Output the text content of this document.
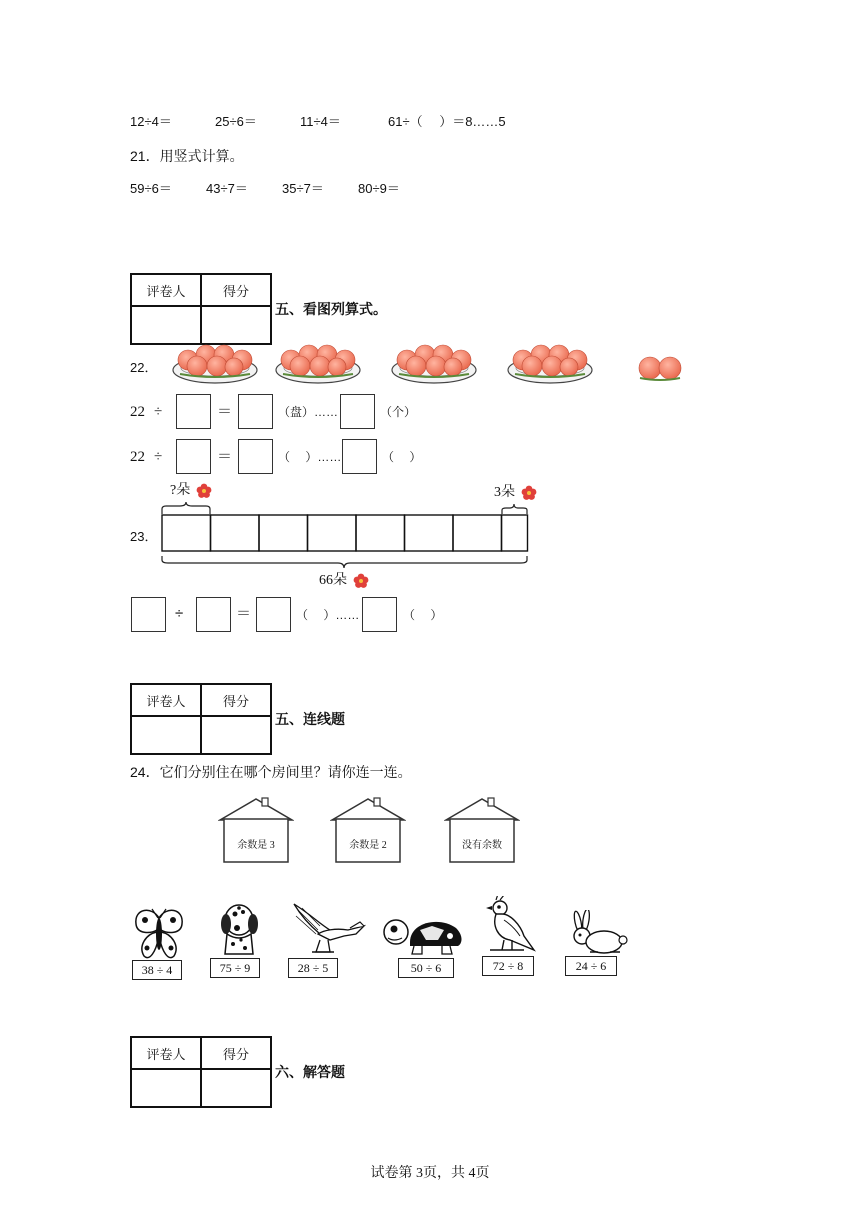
12÷4＝	25÷6＝	11÷4＝	61÷（　 ）＝8……5
21．用竖式计算。
59÷6＝	43÷7＝	35÷7＝	80÷9＝
评卷人	得分

五、看图列算式。
22．
22 ÷	＝	（盘）……	（个）
22 ÷	＝	（　 ）……	（　 ）
23．
?朵	3朵
66朵
÷	＝	（　 ）……	（　 ）
评卷人	得分

五、连线题
24．它们分别住在哪个房间里？请你连一连。
余数是 3	余数是 2	没有余数
38 ÷ 4	75 ÷ 9	28 ÷ 5	50 ÷ 6	72 ÷ 8	24 ÷ 6
评卷人	得分

六、解答题
试卷第 3页，共 4页
